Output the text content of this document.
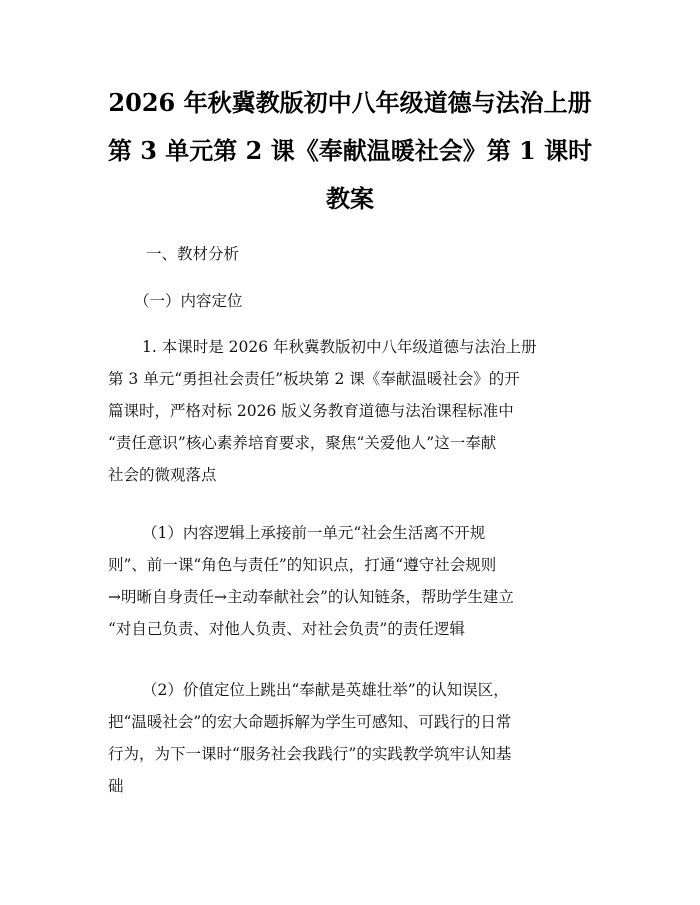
2026 年秋冀教版初中八年级道德与法治上册
第 3 单元第 2 课《奉献温暖社会》第 1 课时
教案
一、教材分析
（一）内容定位
1. 本课时是 2026 年秋冀教版初中八年级道德与法治上册
第 3 单元“勇担社会责任”板块第 2 课《奉献温暖社会》的开
篇课时，严格对标 2026 版义务教育道德与法治课程标准中
“责任意识”核心素养培育要求，聚焦“关爱他人”这一奉献
社会的微观落点
（1）内容逻辑上承接前一单元“社会生活离不开规
则”、前一课“角色与责任”的知识点，打通“遵守社会规则
→明晰自身责任→主动奉献社会”的认知链条，帮助学生建立
“对自己负责、对他人负责、对社会负责”的责任逻辑
（2）价值定位上跳出“奉献是英雄壮举”的认知误区，
把“温暖社会”的宏大命题拆解为学生可感知、可践行的日常
行为，为下一课时“服务社会我践行”的实践教学筑牢认知基
础
